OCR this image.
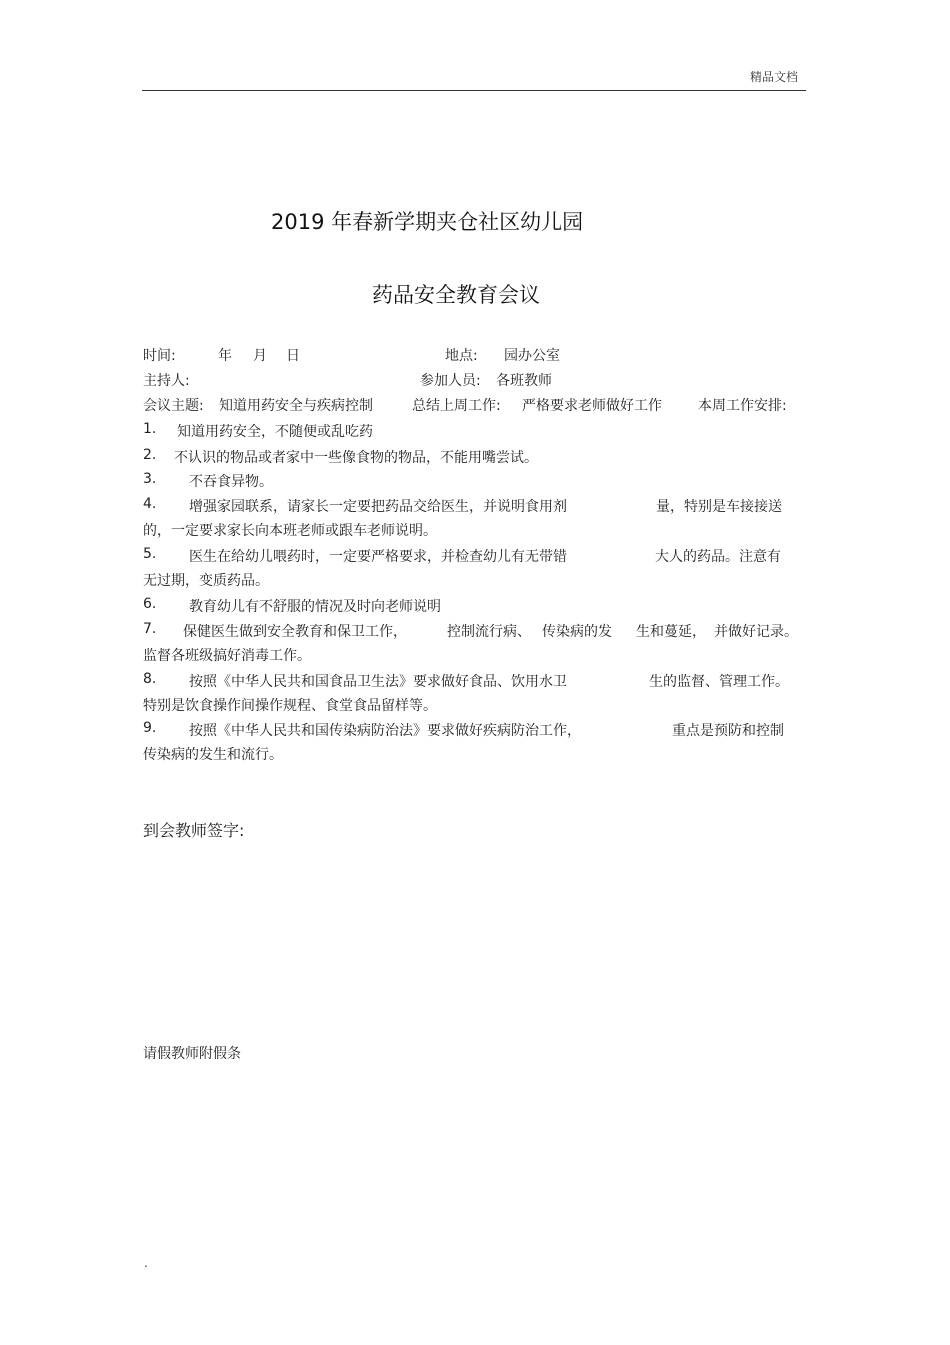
精品文档
2019 年春新学期夹仓社区幼儿园
药品安全教育会议
时间:	年 月 日	地点: 园办公室
主持人:	参加人员: 各班教师
会议主题: 知道用药安全与疾病控制	总结上周工作: 严格要求老师做好工作	本周工作安排:
1. 知道用药安全，不随便或乱吃药
2. 不认识的物品或者家中一些像食物的物品，不能用嘴尝试。
3. 不吞食异物。
4. 增强家园联系，请家长一定要把药品交给医生，并说明食用剂	量，特别是车接接送
的，一定要求家长向本班老师或跟车老师说明。
5. 医生在给幼儿喂药时，一定要严格要求，并检查幼儿有无带错	大人的药品。注意有
无过期，变质药品。
6. 教育幼儿有不舒服的情况及时向老师说明
7. 保健医生做到安全教育和保卫工作，	控制流行病、 传染病的发 生和蔓延， 并做好记录。
监督各班级搞好消毒工作。
8. 按照《中华人民共和国食品卫生法》要求做好食品、饮用水卫	生的监督、管理工作。
特别是饮食操作间操作规程、食堂食品留样等。
9. 按照《中华人民共和国传染病防治法》要求做好疾病防治工作，	重点是预防和控制
传染病的发生和流行。
到会教师签字:
请假教师附假条
.
